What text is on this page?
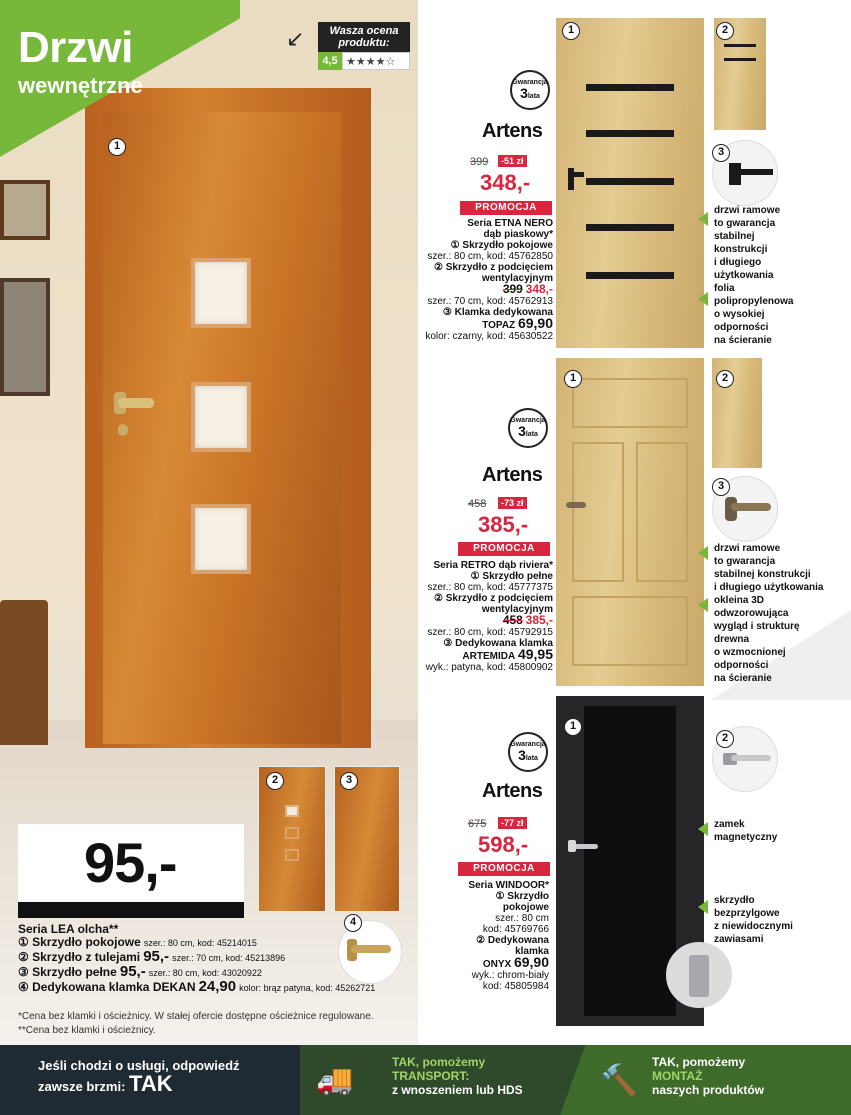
1
Drzwi
wewnętrzne
↙	Wasza ocena produktu:
4,5 ★★★★☆
2	3
95,-
Seria LEA olcha**
① Skrzydło pokojowe szer.: 80 cm, kod: 45214015
② Skrzydło z tulejami 95,- szer.: 70 cm, kod: 45213896
③ Skrzydło pełne 95,- szer.: 80 cm, kod: 43020922
④ Dedykowana klamka DEKAN 24,90 kolor: brąz patyna, kod: 45262721
4
*Cena bez klamki i ościeżnicy. W stałej ofercie dostępne ościeżnice regulowane.
**Cena bez klamki i ościeżnicy.
1	2
3
Gwarancja
3lata
Artens
399	-51 zł
348,-
PROMOCJA
Seria ETNA NERO
dąb piaskowy*
① Skrzydło pokojowe
szer.: 80 cm, kod: 45762850
② Skrzydło z podcięciem
wentylacyjnym
399 348,-
szer.: 70 cm, kod: 45762913
③ Klamka dedykowana
TOPAZ 69,90
kolor: czarny, kod: 45630522
drzwi ramowe
to gwarancja
stabilnej
konstrukcji
i długiego
użytkowania
folia
polipropylenowa
o wysokiej
odporności
na ścieranie
1	2
3
Gwarancja
3lata
Artens
458	-73 zł
385,-
PROMOCJA
Seria RETRO dąb riviera*
① Skrzydło pełne
szer.: 80 cm, kod: 45777375
② Skrzydło z podcięciem
wentylacyjnym
458 385,-
szer.: 80 cm, kod: 45792915
③ Dedykowana klamka
ARTEMIDA 49,95
wyk.: patyna, kod: 45800902
drzwi ramowe
to gwarancja
stabilnej konstrukcji
i długiego użytkowania
okleina 3D
odwzorowująca
wygląd i strukturę
drewna
o wzmocnionej
odporności
na ścieranie
1
2
Gwarancja
3lata
Artens
675	-77 zł
598,-
PROMOCJA
Seria WINDOOR*
① Skrzydło
pokojowe
szer.: 80 cm
kod: 45769766
② Dedykowana
klamka
ONYX 69,90
wyk.: chrom-biały
kod: 45805984
zamek
magnetyczny
skrzydło
bezprzylgowe
z niewidocznymi
zawiasami
Jeśli chodzi o usługi, odpowiedź
zawsze brzmi: TAK	🚚
TAK, pomożemy
TRANSPORT:
z wnoszeniem lub HDS	🔨
TAK, pomożemy
MONTAŻ
naszych produktów
